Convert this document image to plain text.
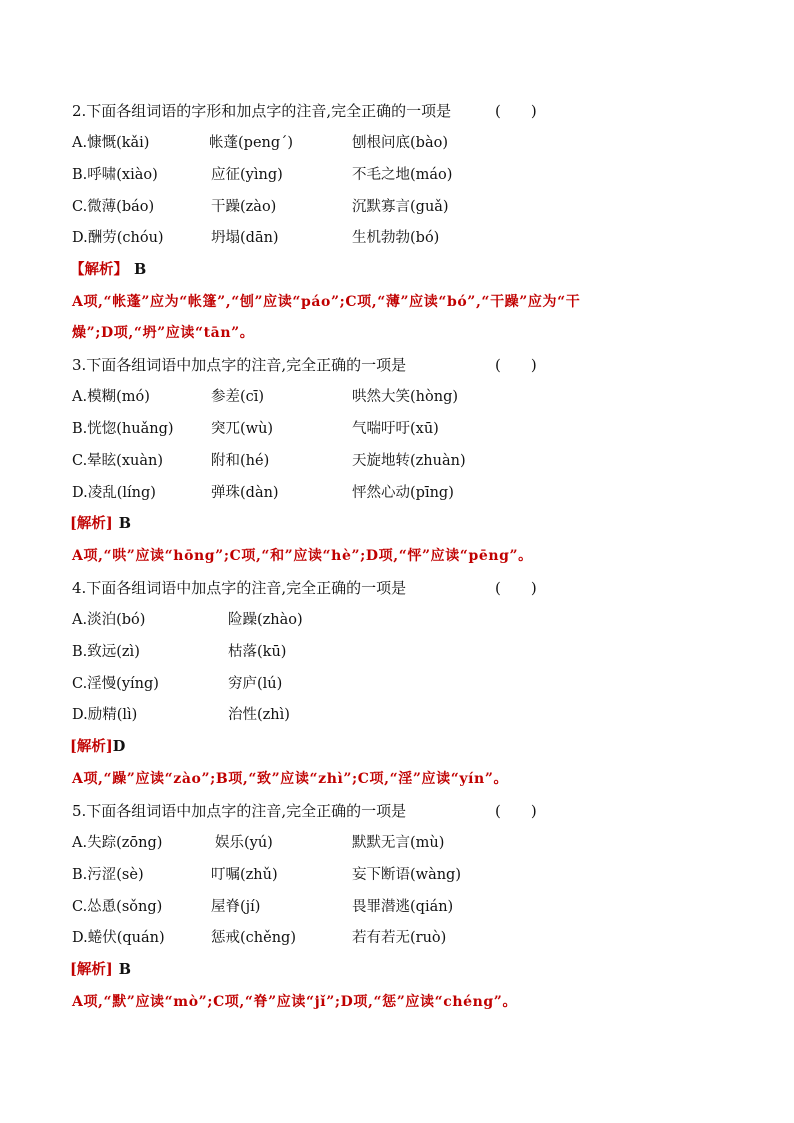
2.下面各组词语的字形和加点字的注音,完全正确的一项是	(　　)
A.慷慨(kǎi)	帐蓬(pengˊ)	刨根问底(bào)
B.呼啸(xiào)	应征(yìng)	不毛之地(máo)
C.微薄(báo)	干躁(zào)	沉默寡言(guǎ)
D.酬劳(chóu)	坍塌(dān)	生机勃勃(bó)
【解析】 B
A项,“帐蓬”应为“帐篷”,“刨”应读“páo”;C项,“薄”应读“bó”,“干躁”应为“干
燥”;D项,“坍”应读“tān”。
3.下面各组词语中加点字的注音,完全正确的一项是	(　　)
A.模糊(mó)	参差(cī)	哄然大笑(hòng)
B.恍惚(huǎng)	突兀(wù)	气喘吁吁(xū)
C.晕眩(xuàn)	附和(hé)	天旋地转(zhuàn)
D.凌乱(líng)	弹珠(dàn)	怦然心动(pīng)
[解析] B
A项,“哄”应读“hōng”;C项,“和”应读“hè”;D项,“怦”应读“pēng”。
4.下面各组词语中加点字的注音,完全正确的一项是	(　　)
A.淡泊(bó)	险躁(zhào)
B.致远(zì)	枯落(kū)
C.淫慢(yíng)	穷庐(lú)
D.励精(lì)	治性(zhì)
[解析]D
A项,“躁”应读“zào”;B项,“致”应读“zhì”;C项,“淫”应读“yín”。
5.下面各组词语中加点字的注音,完全正确的一项是	(　　)
A.失踪(zōng)	娱乐(yú)	默默无言(mù)
B.污涩(sè)	叮嘱(zhǔ)	妄下断语(wàng)
C.怂恿(sǒng)	屋脊(jí)	畏罪潜逃(qián)
D.蜷伏(quán)	惩戒(chěng)	若有若无(ruò)
[解析] B
A项,“默”应读“mò”;C项,“脊”应读“jǐ”;D项,“惩”应读“chéng”。
